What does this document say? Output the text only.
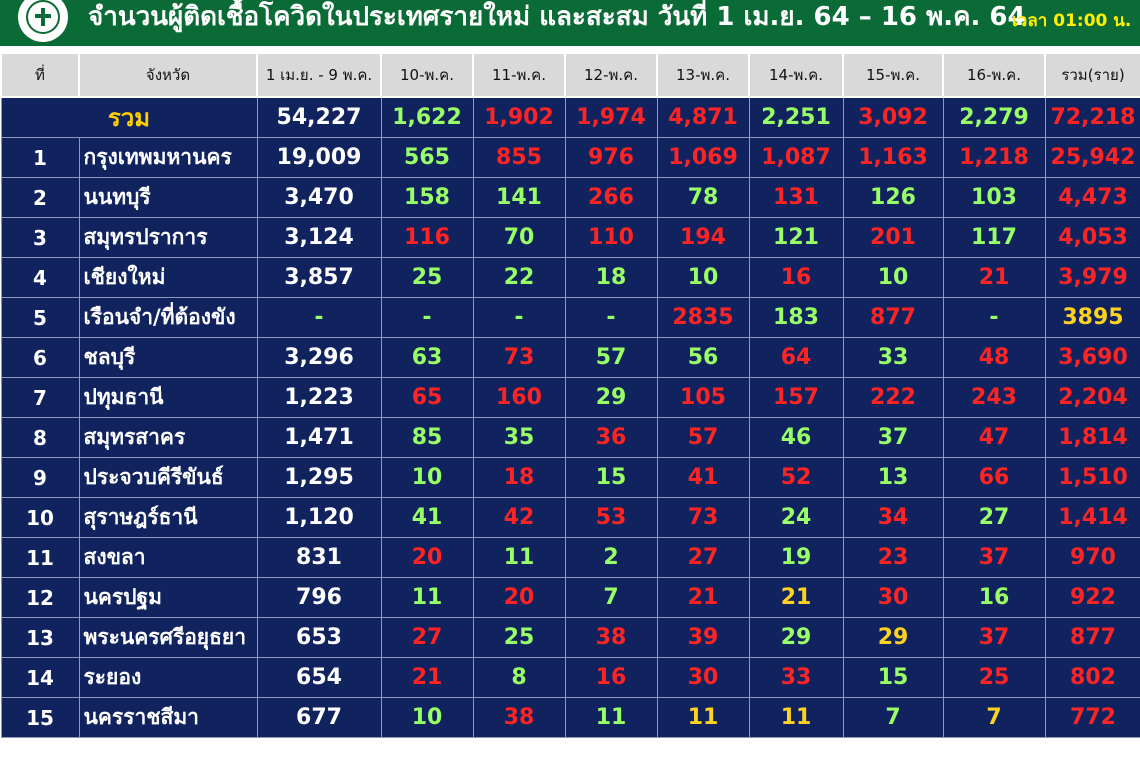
จำนวนผู้ติดเชื้อโควิดในประเทศรายใหม่ และสะสม วันที่ 1 เม.ย. 64 – 16 พ.ค. 64
เวลา 01:00 น.
ที่	จังหวัด	1 เม.ย. - 9 พ.ค.	10-พ.ค.	11-พ.ค.	12-พ.ค.	13-พ.ค.	14-พ.ค.	15-พ.ค.	16-พ.ค.	รวม(ราย)
รวม		54,227	1,622	1,902	1,974	4,871	2,251	3,092	2,279	72,218
1	กรุงเทพมหานคร	19,009	565	855	976	1,069	1,087	1,163	1,218	25,942
2	นนทบุรี	3,470	158	141	266	78	131	126	103	4,473
3	สมุทรปราการ	3,124	116	70	110	194	121	201	117	4,053
4	เชียงใหม่	3,857	25	22	18	10	16	10	21	3,979
5	เรือนจำ/ที่ต้องขัง	-	-	-	-	2835	183	877	-	3895
6	ชลบุรี	3,296	63	73	57	56	64	33	48	3,690
7	ปทุมธานี	1,223	65	160	29	105	157	222	243	2,204
8	สมุทรสาคร	1,471	85	35	36	57	46	37	47	1,814
9	ประจวบคีรีขันธ์	1,295	10	18	15	41	52	13	66	1,510
10	สุราษฎร์ธานี	1,120	41	42	53	73	24	34	27	1,414
11	สงขลา	831	20	11	2	27	19	23	37	970
12	นครปฐม	796	11	20	7	21	21	30	16	922
13	พระนครศรีอยุธยา	653	27	25	38	39	29	29	37	877
14	ระยอง	654	21	8	16	30	33	15	25	802
15	นครราชสีมา	677	10	38	11	11	11	7	7	772
